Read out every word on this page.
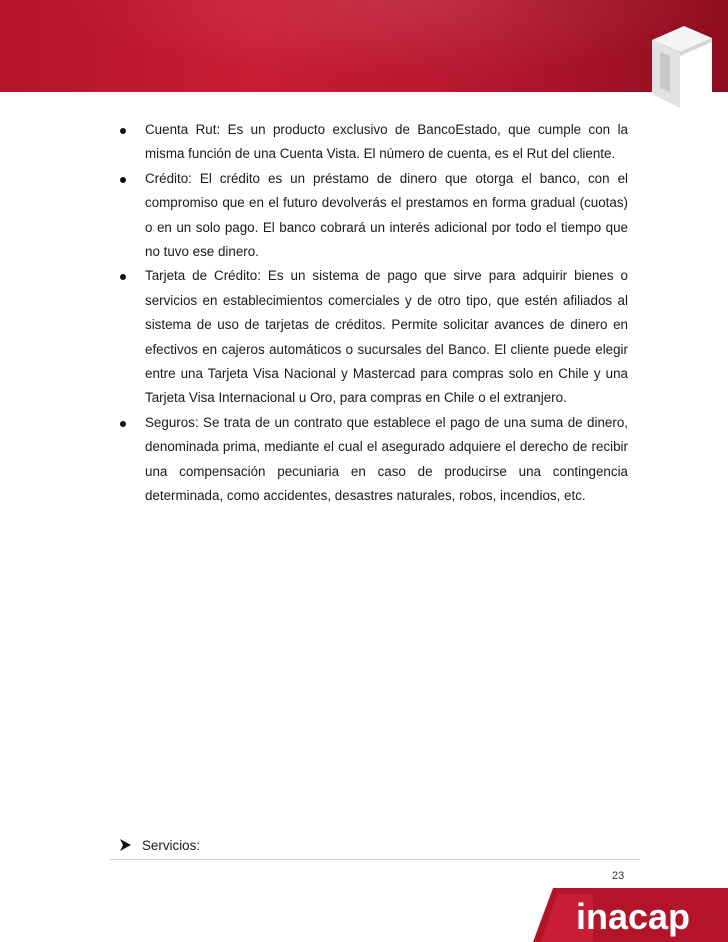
Cuenta Rut: Es un producto exclusivo de BancoEstado, que cumple con la misma función de una Cuenta Vista. El número de cuenta, es el Rut del cliente.
Crédito: El crédito es un préstamo de dinero que otorga el banco, con el compromiso que en el futuro devolverás el prestamos en forma gradual (cuotas) o en un solo pago. El banco cobrará un interés adicional por todo el tiempo que no tuvo ese dinero.
Tarjeta de Crédito: Es un sistema de pago que sirve para adquirir bienes o servicios en establecimientos comerciales y de otro tipo, que estén afiliados al sistema de uso de tarjetas de créditos. Permite solicitar avances de dinero en efectivos en cajeros automáticos o sucursales del Banco. El cliente puede elegir entre una Tarjeta Visa Nacional y Mastercad para compras solo en Chile y una Tarjeta Visa Internacional u Oro, para compras en Chile o el extranjero.
Seguros: Se trata de un contrato que establece el pago de una suma de dinero, denominada prima, mediante el cual el asegurado adquiere el derecho de recibir una compensación pecuniaria en caso de producirse una contingencia determinada, como accidentes, desastres naturales, robos, incendios, etc.
Servicios:
23
inacap
